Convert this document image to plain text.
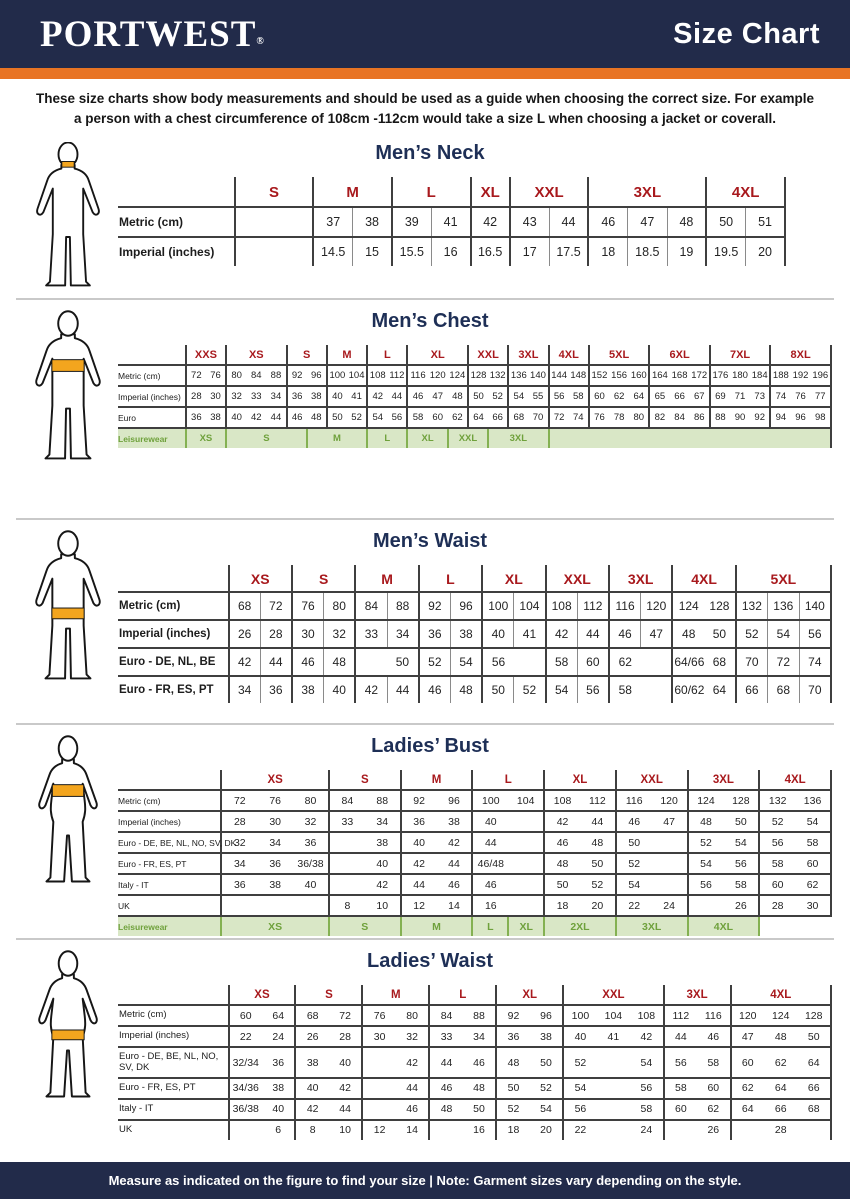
PORTWEST®	Size Chart

These size charts show body measurements and should be used as a guide when choosing the correct size. For example
a person with a chest circumference of 108cm -112cm would take a size L when choosing a jacket or coverall.

Men’s Neck
	S		M		L		XL	XXL		3XL			4XL	
Metric (cm)			37	38	39	41	42	43	44	46	47	48	50	51
Imperial (inches)			14.5	15	15.5	16	16.5	17	17.5	18	18.5	19	19.5	20
Men’s Chest
	XXS		XS			S		M		L		XL			XXL		3XL		4XL		5XL			6XL			7XL			8XL		
Metric (cm)	72	76	80	84	88	92	96	100	104	108	112	116	120	124	128	132	136	140	144	148	152	156	160	164	168	172	176	180	184	188	192	196
Imperial (inches)	28	30	32	33	34	36	38	40	41	42	44	46	47	48	50	52	54	55	56	58	60	62	64	65	66	67	69	71	73	74	76	77
Euro	36	38	40	42	44	46	48	50	52	54	56	58	60	62	64	66	68	70	72	74	76	78	80	82	84	86	88	90	92	94	96	98
Leisurewear	XS		S				M			L		XL		XXL		3XL																
Men’s Waist
	XS		S		M		L		XL		XXL		3XL		4XL		5XL		
Metric (cm)	68	72	76	80	84	88	92	96	100	104	108	112	116	120	124	128	132	136	140
Imperial (inches)	26	28	30	32	33	34	36	38	40	41	42	44	46	47	48	50	52	54	56
Euro - DE, NL, BE	42	44	46	48		50	52	54	56		58	60	62		64/66	68	70	72	74
Euro - FR, ES, PT	34	36	38	40	42	44	46	48	50	52	54	56	58		60/62	64	66	68	70
Ladies’ Bust
	XS			S		M		L		XL		XXL		3XL		4XL	
Metric (cm)	72	76	80	84	88	92	96	100	104	108	112	116	120	124	128	132	136
Imperial (inches)	28	30	32	33	34	36	38	40		42	44	46	47	48	50	52	54
Euro - DE, BE, NL, NO, SV, DK	32	34	36		38	40	42	44		46	48	50		52	54	56	58
Euro - FR, ES, PT	34	36	36/38		40	42	44	46/48		48	50	52		54	56	58	60
Italy - IT	36	38	40		42	44	46	46		50	52	54		56	58	60	62
UK				8	10	12	14	16		18	20	22	24		26	28	30
Leisurewear	XS			S		M		L	XL	2XL		3XL		4XL			
Ladies’ Waist
	XS		S		M		L		XL		XXL			3XL		4XL		
Metric (cm)	60	64	68	72	76	80	84	88	92	96	100	104	108	112	116	120	124	128
Imperial (inches)	22	24	26	28	30	32	33	34	36	38	40	41	42	44	46	47	48	50
Euro - DE, BE, NL, NO, SV, DK	32/34	36	38	40		42	44	46	48	50	52		54	56	58	60	62	64
Euro - FR, ES, PT	34/36	38	40	42		44	46	48	50	52	54		56	58	60	62	64	66
Italy - IT	36/38	40	42	44		46	48	50	52	54	56		58	60	62	64	66	68
UK		6	8	10	12	14		16	18	20	22		24		26		28	
Measure as indicated on the figure to find your size | Note: Garment sizes vary depending on the style.
